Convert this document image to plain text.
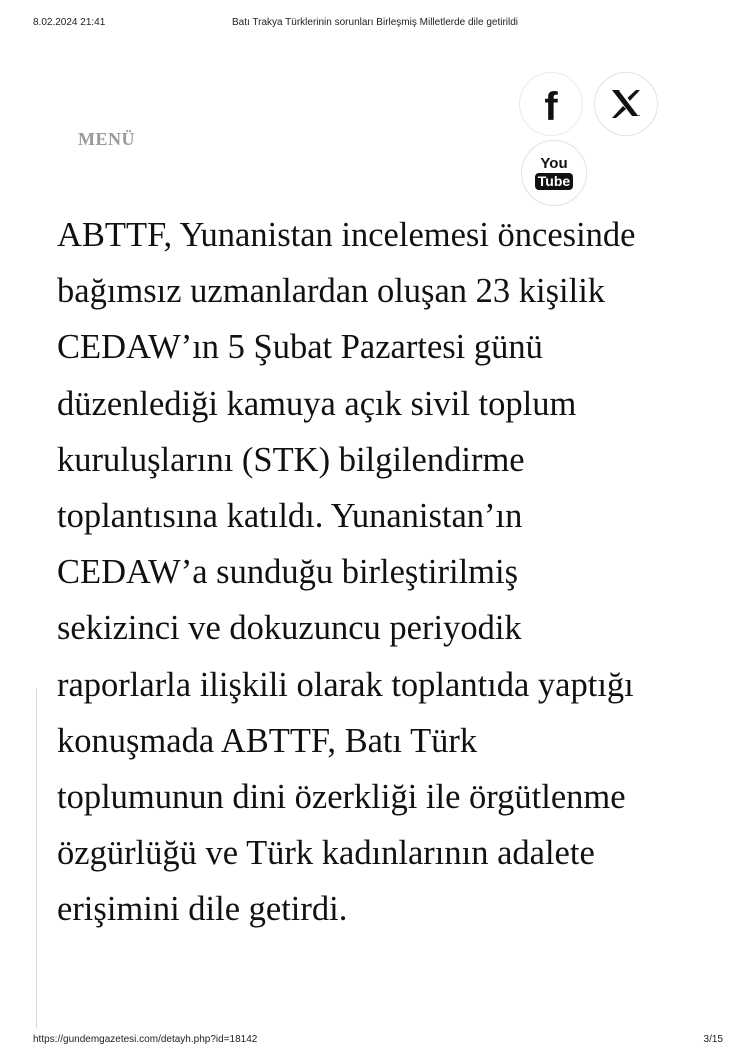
8.02.2024 21:41	Batı Trakya Türklerinin sorunları Birleşmiş Milletlerde dile getirildi
MENÜ
f
You
Tube
ABTTF, Yunanistan incelemesi öncesinde
bağımsız uzmanlardan oluşan 23 kişilik
CEDAW’ın 5 Şubat Pazartesi günü
düzenlediği kamuya açık sivil toplum
kuruluşlarını (STK) bilgilendirme
toplantısına katıldı. Yunanistan’ın
CEDAW’a sunduğu birleştirilmiş
sekizinci ve dokuzuncu periyodik
raporlarla ilişkili olarak toplantıda yaptığı
konuşmada ABTTF, Batı Türk
toplumunun dini özerkliği ile örgütlenme
özgürlüğü ve Türk kadınlarının adalete
erişimini dile getirdi.
https://gundemgazetesi.com/detayh.php?id=18142	3/15
